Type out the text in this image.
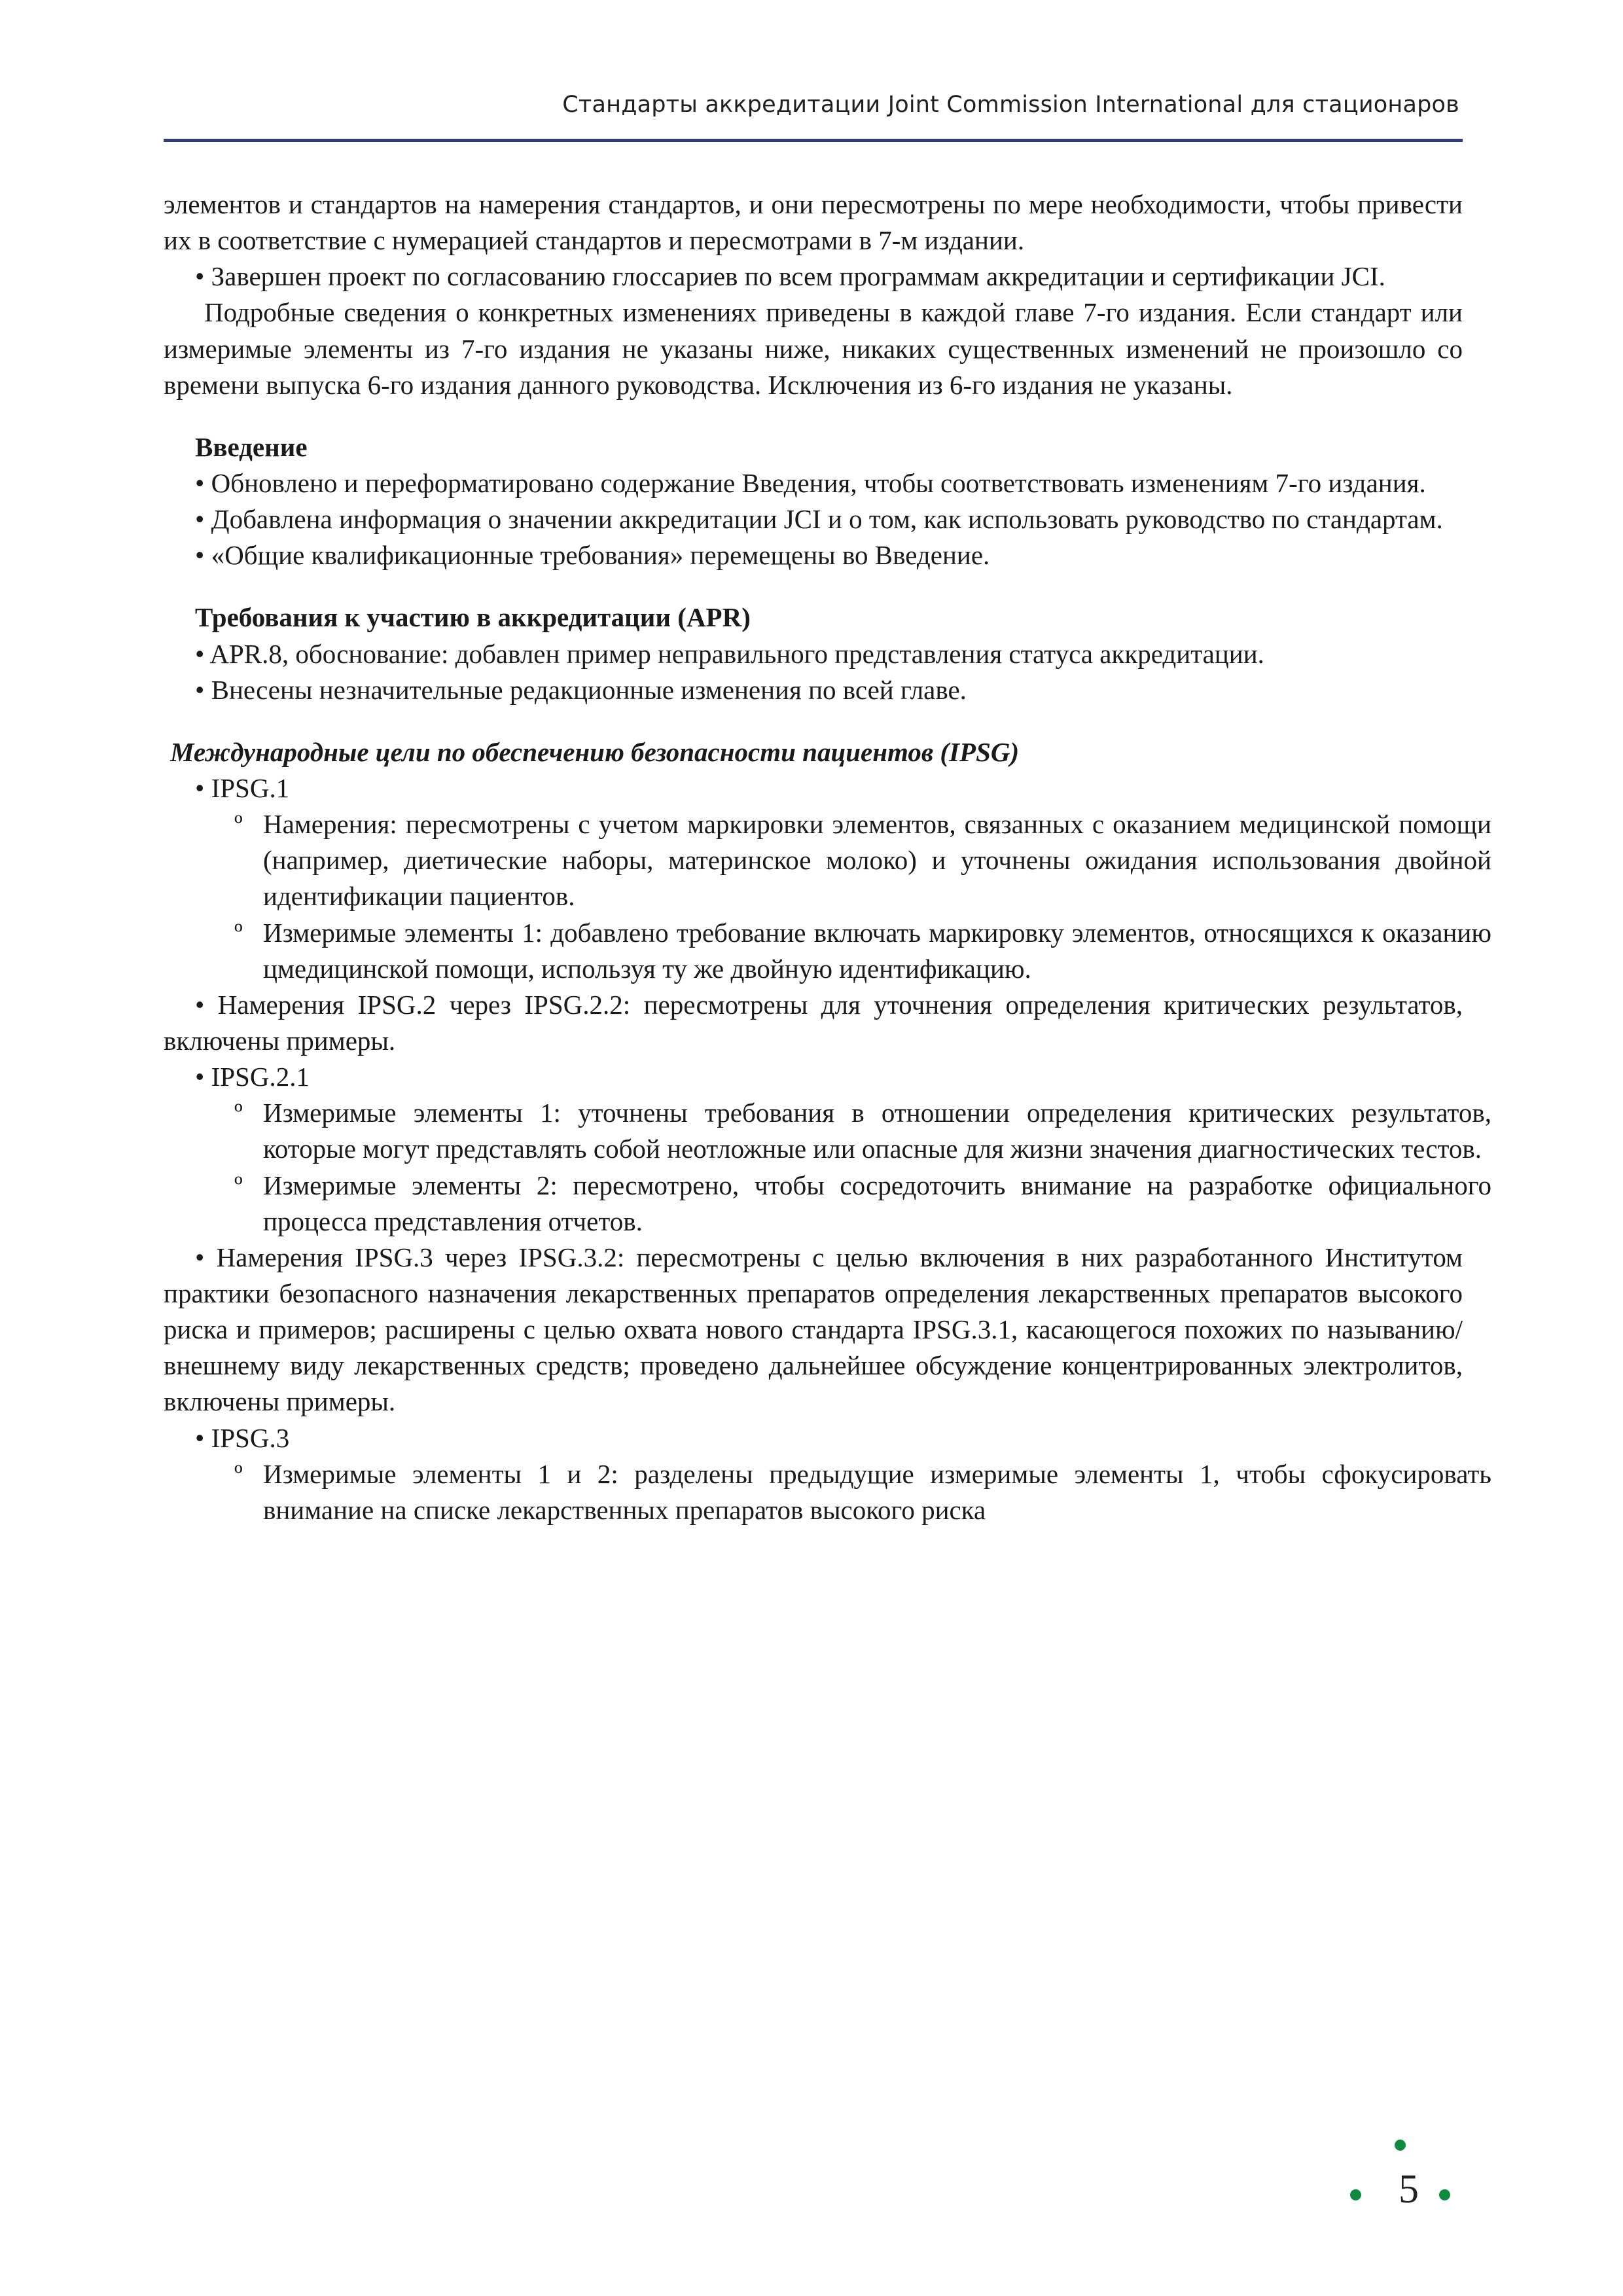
Стандарты аккредитации Joint Commission International для стационаров

элементов и стандартов на намерения стандартов, и они пересмотрены по мере необходимости, чтобы привести их в соответствие с нумерацией стандартов и пересмотрами в 7-м издании.

• Завершен проект по согласованию глоссариев по всем программам аккредитации и сертификации JCI.

Подробные сведения о конкретных изменениях приведены в каждой главе 7-го издания. Если стандарт или измеримые элементы из 7-го издания не указаны ниже, никаких существенных изменений не произошло со времени выпуска 6-го издания данного руководства. Исключения из 6-го издания не указаны.

Введение

• Обновлено и переформатировано содержание Введения, чтобы соответствовать изменениям 7-го издания.

• Добавлена информация о значении аккредитации JCI и о том, как использовать руководство по стандартам.

• «Общие квалификационные требования» перемещены во Введение.

Требования к участию в аккредитации (APR)

• APR.8, обоснование: добавлен пример неправильного представления статуса аккредитации.

• Внесены незначительные редакционные изменения по всей главе.

Международные цели по обеспечению безопасности пациентов (IPSG)

• IPSG.1

º Намерения: пересмотрены с учетом маркировки элементов, связанных с оказанием медицинской помощи (например, диетические наборы, материнское молоко) и уточнены ожидания использования двойной идентификации пациентов.

º Измеримые элементы 1: добавлено требование включать маркировку элементов, относящихся к оказанию цмедицинской помощи, используя ту же двойную идентификацию.

• Намерения IPSG.2 через IPSG.2.2: пересмотрены для уточнения определения критических результатов, включены примеры.

• IPSG.2.1

º Измеримые элементы 1: уточнены требования в отношении определения критических результатов, которые могут представлять собой неотложные или опасные для жизни значения диагностических тестов.

º Измеримые элементы 2: пересмотрено, чтобы сосредоточить внимание на разработке официального процесса представления отчетов.

• Намерения IPSG.3 через IPSG.3.2: пересмотрены с целью включения в них разработанного Институтом практики безопасного назначения лекарственных препаратов определения лекарственных препаратов высокого риска и примеров; расширены с целью охвата нового стандарта IPSG.3.1, касающегося похожих по называнию/внешнему виду лекарственных средств; проведено дальнейшее обсуждение концентрированных электролитов, включены примеры.

• IPSG.3

º Измеримые элементы 1 и 2: разделены предыдущие измеримые элементы 1, чтобы сфокусировать внимание на списке лекарственных препаратов высокого риска

5
